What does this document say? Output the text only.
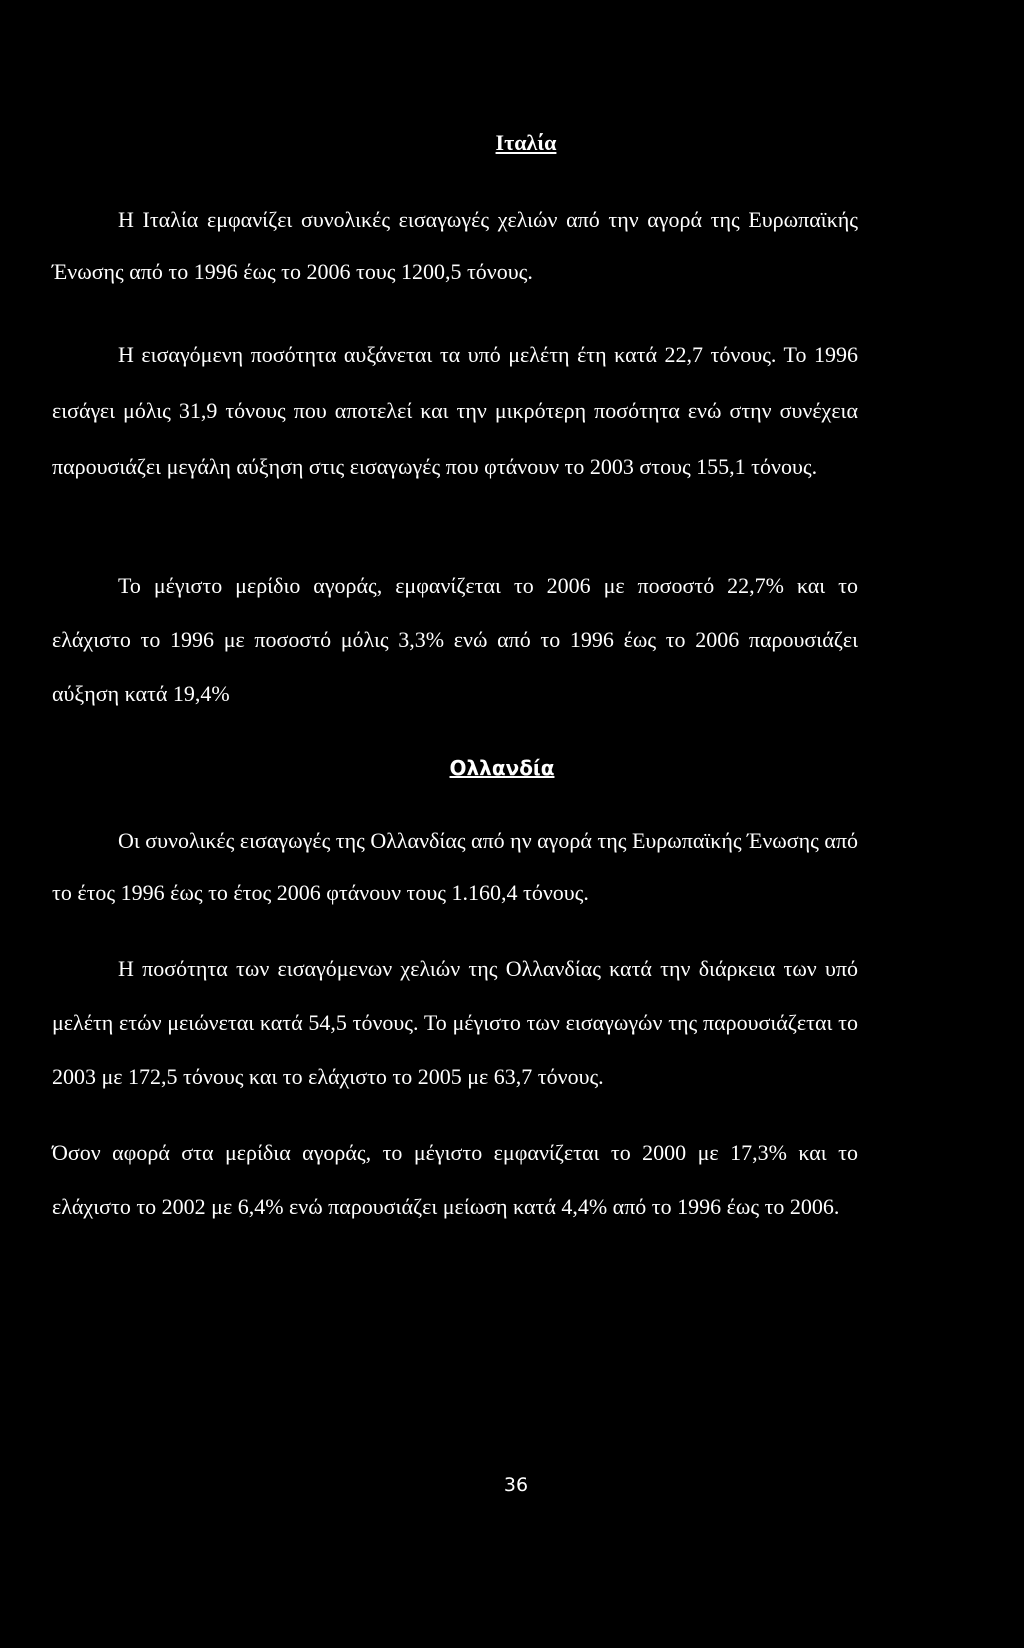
Ιταλία

Η Ιταλία εμφανίζει συνολικές εισαγωγές χελιών από την αγορά της Ευρωπαϊκής Ένωσης από το 1996 έως το 2006 τους 1200,5 τόνους.

Η εισαγόμενη ποσότητα αυξάνεται τα υπό μελέτη έτη κατά 22,7 τόνους. Το 1996 εισάγει μόλις 31,9 τόνους που αποτελεί και την μικρότερη ποσότητα ενώ στην συνέχεια παρουσιάζει μεγάλη αύξηση στις εισαγωγές που φτάνουν το 2003 στους 155,1 τόνους.

Το μέγιστο μερίδιο αγοράς, εμφανίζεται το 2006 με ποσοστό 22,7% και το ελάχιστο το 1996 με ποσοστό μόλις 3,3% ενώ από το 1996 έως το 2006 παρουσιάζει αύξηση κατά 19,4%

Ολλανδία

Οι συνολικές εισαγωγές της Ολλανδίας από ην αγορά της Ευρωπαϊκής Ένωσης από το έτος 1996 έως το έτος 2006 φτάνουν τους 1.160,4 τόνους.

Η ποσότητα των εισαγόμενων χελιών της Ολλανδίας κατά την διάρκεια των υπό μελέτη ετών μειώνεται κατά 54,5 τόνους. Το μέγιστο των εισαγωγών της παρουσιάζεται το 2003 με 172,5 τόνους και το ελάχιστο το 2005 με 63,7 τόνους.

Όσον αφορά στα μερίδια αγοράς, το μέγιστο εμφανίζεται το 2000 με 17,3% και το ελάχιστο το 2002 με 6,4% ενώ παρουσιάζει μείωση κατά 4,4% από το 1996 έως το 2006.

36
